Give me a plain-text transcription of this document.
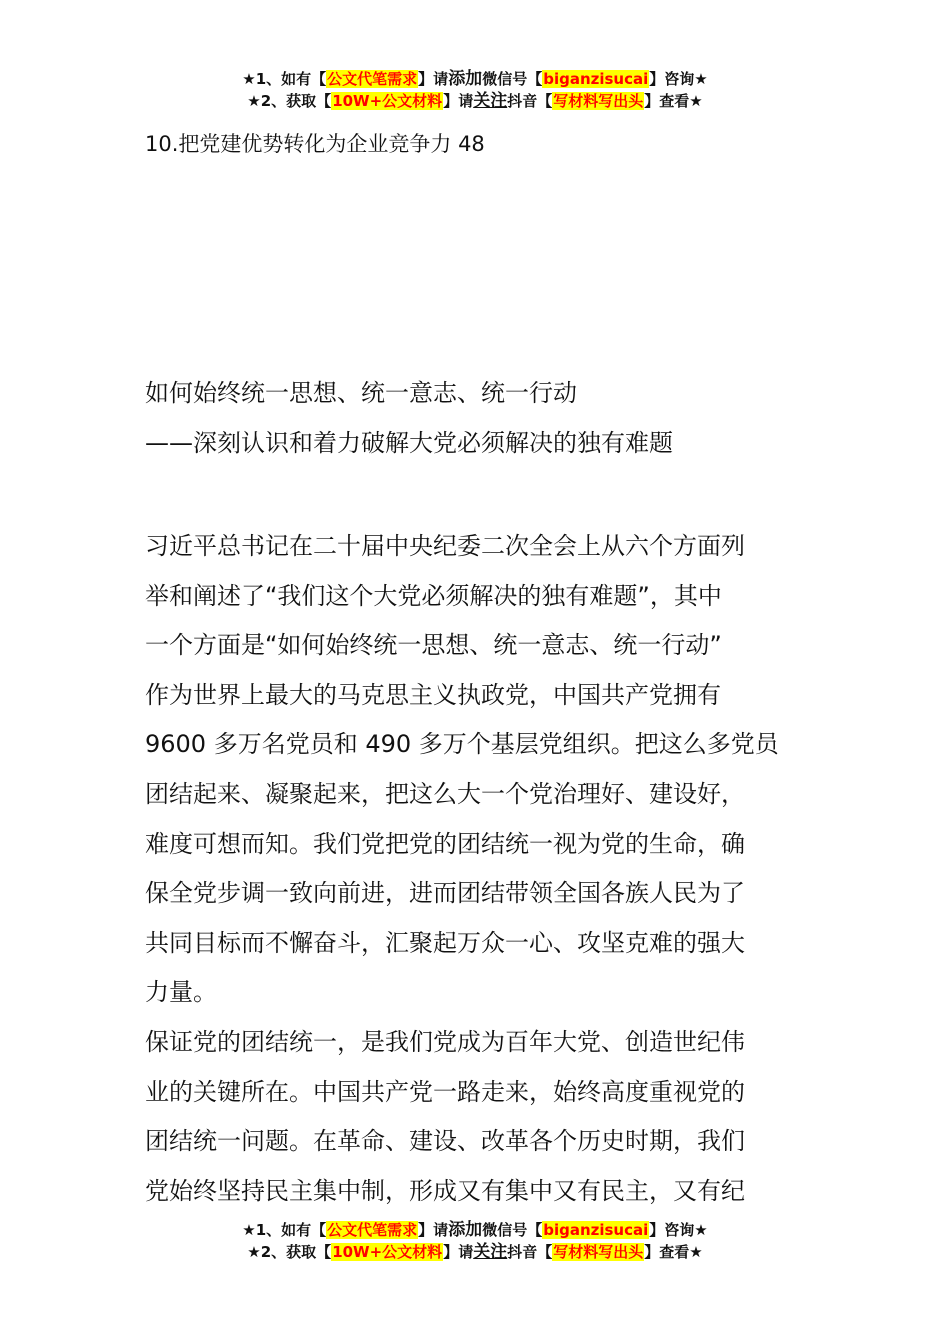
★1、如有【公文代笔需求】请添加微信号【biganzisucai】咨询★
★2、获取【10W+公文材料】请关注抖音【写材料写出头】查看★
10.把党建优势转化为企业竞争力 48
如何始终统一思想、统一意志、统一行动
——深刻认识和着力破解大党必须解决的独有难题
习近平总书记在二十届中央纪委二次全会上从六个方面列
举和阐述了“我们这个大党必须解决的独有难题”，其中
一个方面是“如何始终统一思想、统一意志、统一行动”
作为世界上最大的马克思主义执政党，中国共产党拥有
9600 多万名党员和 490 多万个基层党组织。把这么多党员
团结起来、凝聚起来，把这么大一个党治理好、建设好，
难度可想而知。我们党把党的团结统一视为党的生命，确
保全党步调一致向前进，进而团结带领全国各族人民为了
共同目标而不懈奋斗，汇聚起万众一心、攻坚克难的强大
力量。
保证党的团结统一，是我们党成为百年大党、创造世纪伟
业的关键所在。中国共产党一路走来，始终高度重视党的
团结统一问题。在革命、建设、改革各个历史时期，我们
党始终坚持民主集中制，形成又有集中又有民主，又有纪
★1、如有【公文代笔需求】请添加微信号【biganzisucai】咨询★
★2、获取【10W+公文材料】请关注抖音【写材料写出头】查看★
